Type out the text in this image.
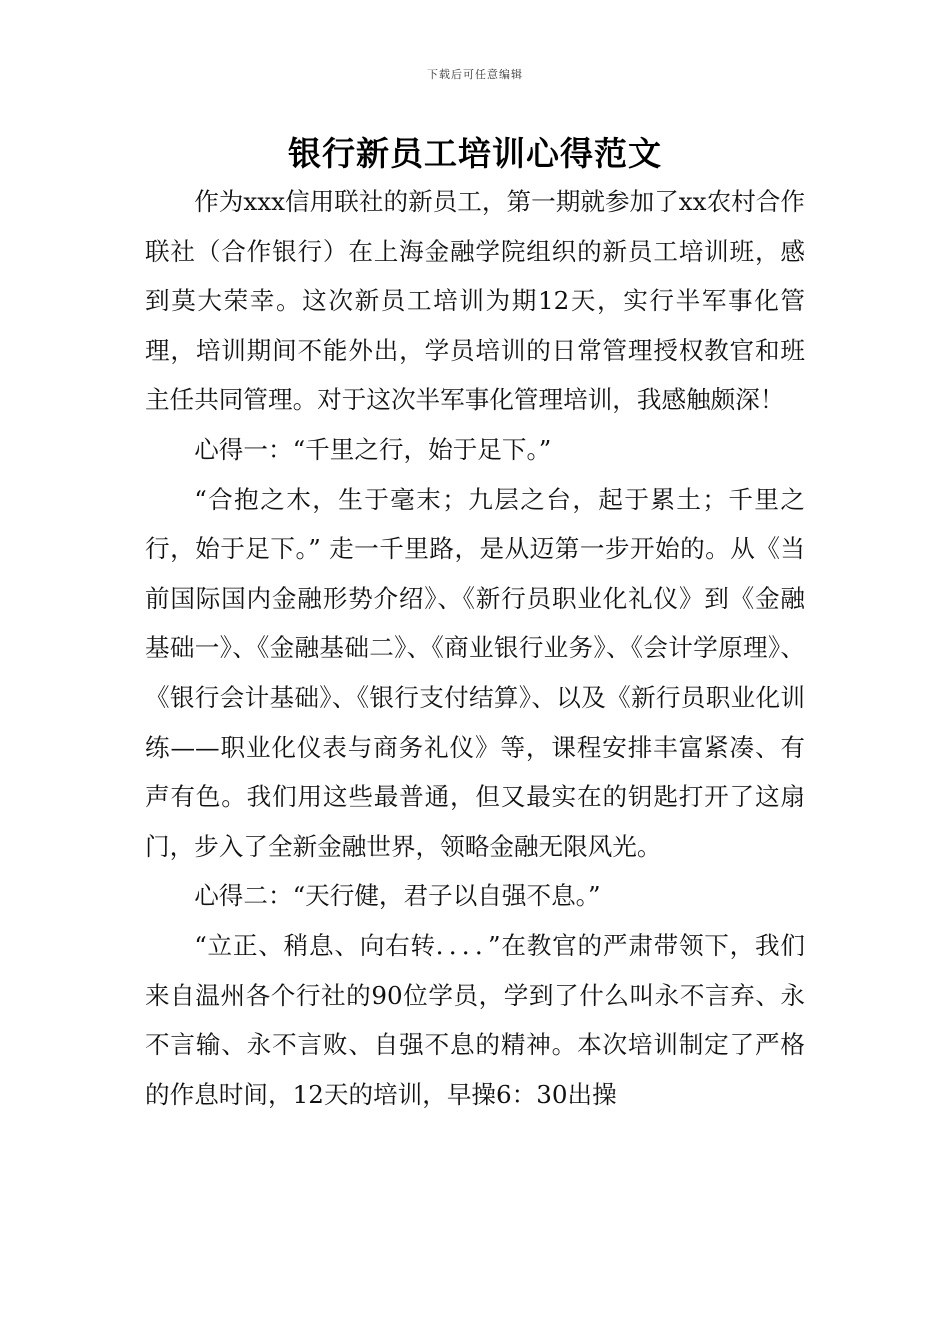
下载后可任意编辑
银行新员工培训心得范文

作为xxx信用联社的新员工，第一期就参加了xx农村合作联社（合作银行）在上海金融学院组织的新员工培训班，感到莫大荣幸。这次新员工培训为期12天，实行半军事化管理，培训期间不能外出，学员培训的日常管理授权教官和班主任共同管理。对于这次半军事化管理培训，我感触颇深！

心得一：“千里之行，始于足下。”

“合抱之木，生于毫末；九层之台，起于累土；千里之行，始于足下。” 走一千里路，是从迈第一步开始的。从《当前国际国内金融形势介绍》、《新行员职业化礼仪》到《金融基础一》、《金融基础二》、《商业银行业务》、《会计学原理》、《银行会计基础》、《银行支付结算》、以及《新行员职业化训练——职业化仪表与商务礼仪》等，课程安排丰富紧凑、有声有色。我们用这些最普通，但又最实在的钥匙打开了这扇门，步入了全新金融世界，领略金融无限风光。

心得二：“天行健，君子以自强不息。”

“立正、稍息、向右转．．．．”在教官的严肃带领下，我们来自温州各个行社的90位学员，学到了什么叫永不言弃、永不言输、永不言败、自强不息的精神。本次培训制定了严格的作息时间，12天的培训，早操6：30出操
